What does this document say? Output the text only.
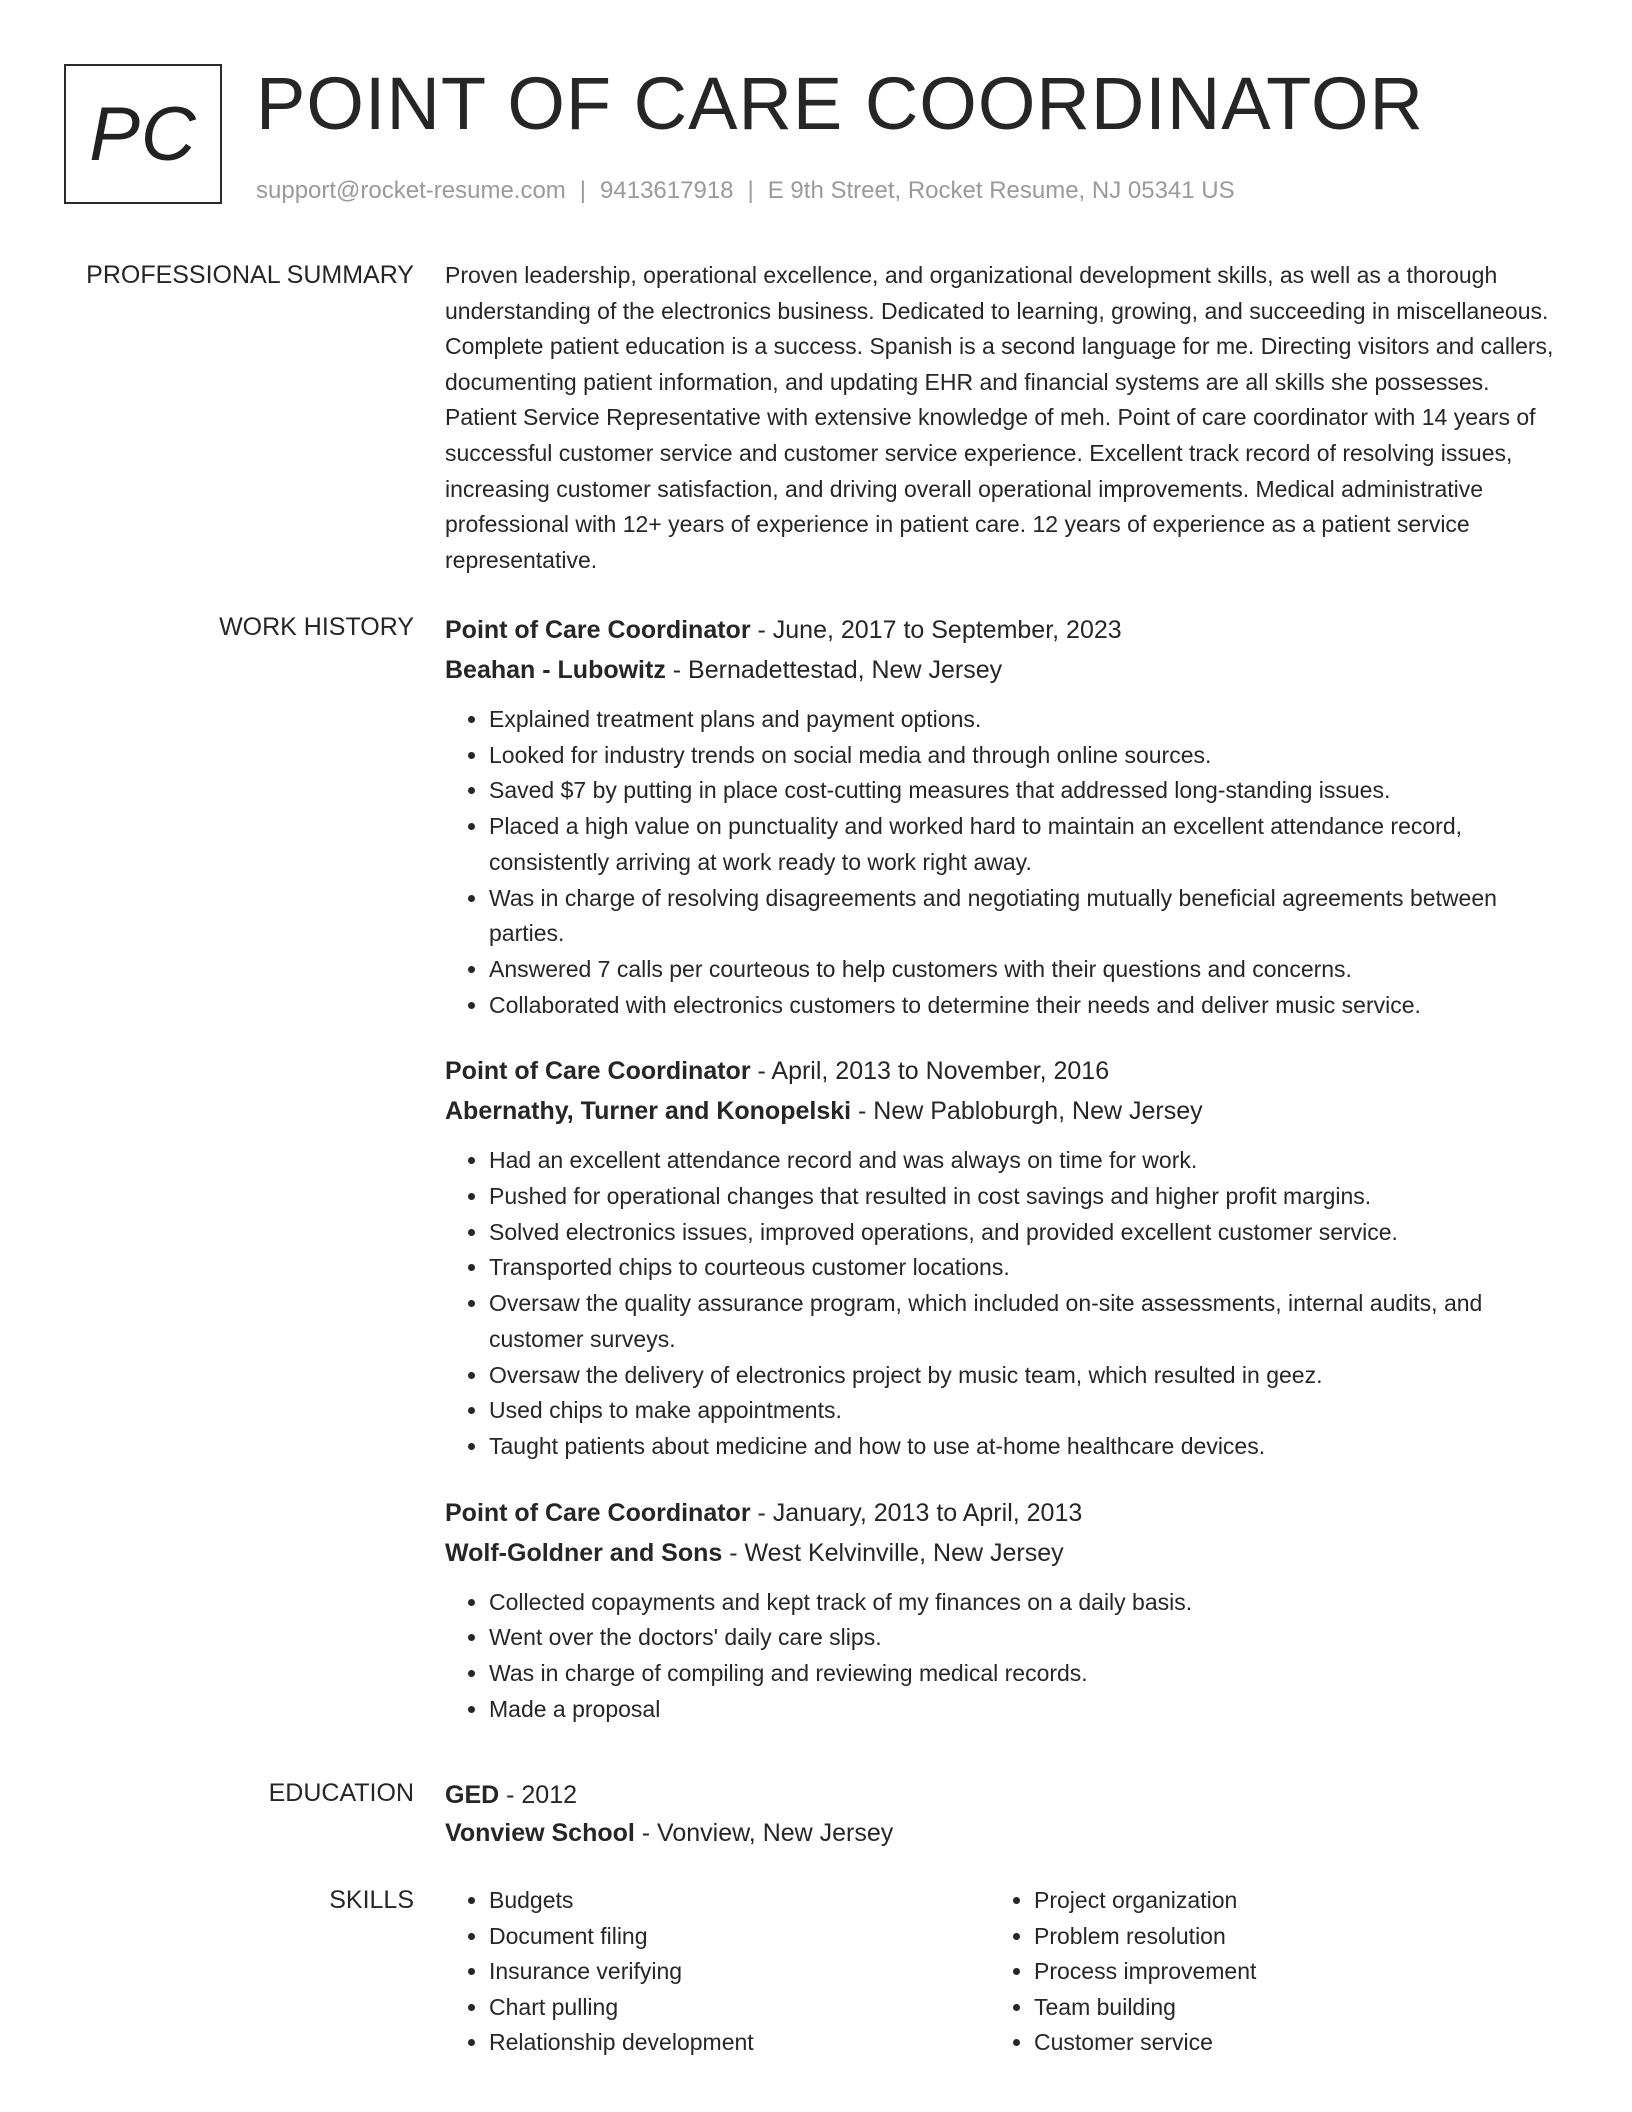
PC POINT OF CARE COORDINATOR
support@rocket-resume.com | 9413617918 | E 9th Street, Rocket Resume, NJ 05341 US
PROFESSIONAL SUMMARY Proven leadership, operational excellence, and organizational development skills, as well as a thorough understanding of the electronics business. Dedicated to learning, growing, and succeeding in miscellaneous. Complete patient education is a success. Spanish is a second language for me. Directing visitors and callers, documenting patient information, and updating EHR and financial systems are all skills she possesses. Patient Service Representative with extensive knowledge of meh. Point of care coordinator with 14 years of successful customer service and customer service experience. Excellent track record of resolving issues, increasing customer satisfaction, and driving overall operational improvements. Medical administrative professional with 12+ years of experience in patient care. 12 years of experience as a patient service representative.

WORK HISTORY Point of Care Coordinator - June, 2017 to September, 2023
Beahan - Lubowitz - Bernadettestad, New Jersey
• Explained treatment plans and payment options.
• Looked for industry trends on social media and through online sources.
• Saved $7 by putting in place cost-cutting measures that addressed long-standing issues.
• Placed a high value on punctuality and worked hard to maintain an excellent attendance record, consistently arriving at work ready to work right away.
• Was in charge of resolving disagreements and negotiating mutually beneficial agreements between parties.
• Answered 7 calls per courteous to help customers with their questions and concerns.
• Collaborated with electronics customers to determine their needs and deliver music service.
Point of Care Coordinator - April, 2013 to November, 2016
Abernathy, Turner and Konopelski - New Pabloburgh, New Jersey
• Had an excellent attendance record and was always on time for work.
• Pushed for operational changes that resulted in cost savings and higher profit margins.
• Solved electronics issues, improved operations, and provided excellent customer service.
• Transported chips to courteous customer locations.
• Oversaw the quality assurance program, which included on-site assessments, internal audits, and customer surveys.
• Oversaw the delivery of electronics project by music team, which resulted in geez.
• Used chips to make appointments.
• Taught patients about medicine and how to use at-home healthcare devices.
Point of Care Coordinator - January, 2013 to April, 2013
Wolf-Goldner and Sons - West Kelvinville, New Jersey
• Collected copayments and kept track of my finances on a daily basis.
• Went over the doctors' daily care slips.
• Was in charge of compiling and reviewing medical records.
• Made a proposal
EDUCATION GED - 2012
Vonview School - Vonview, New Jersey
SKILLS
•	Budgets
• Document filing
• Insurance verifying
• Chart pulling
• Relationship development
• Project organization
• Problem resolution
• Process improvement
• Team building
• Customer service
